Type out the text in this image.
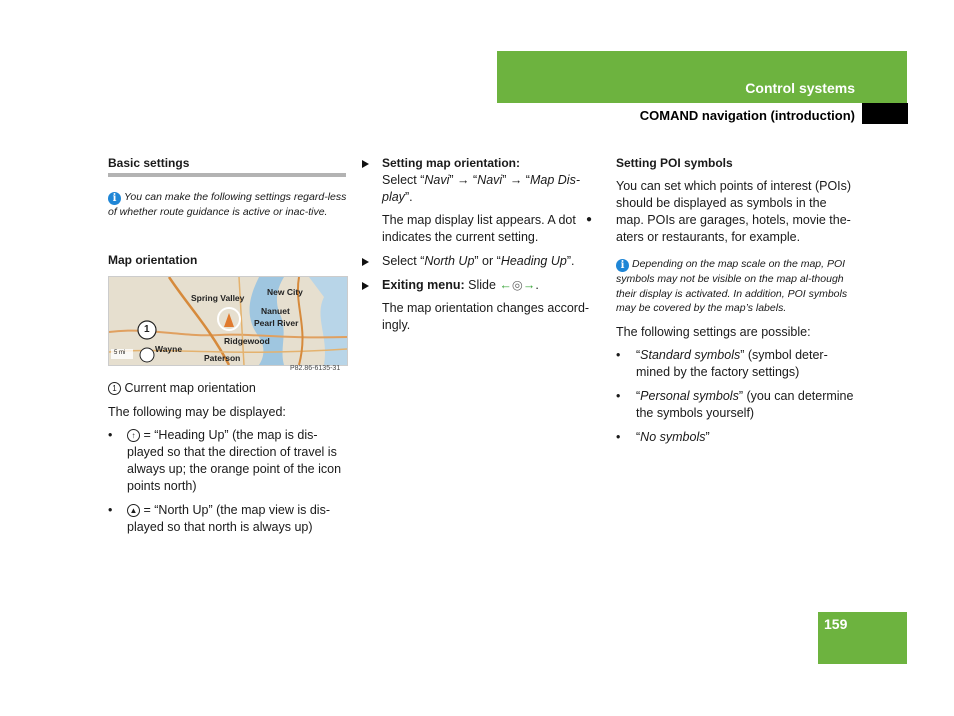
Control systems
COMAND navigation (introduction)
Basic settings
i You can make the following settings regard-less of whether route guidance is active or inac-tive.
Map orientation
Spring Valley
New City
Nanuet
Pearl River
Ridgewood
Wayne
Paterson
1
5 mi
P82.86-6135-31
1 Current map orientation
The following may be displayed:
•	↑ = “Heading Up” (the map is dis-played so that the direction of travel is always up; the orange point of the icon points north)
•	▲ = “North Up” (the map view is dis-played so that north is always up)
Setting map orientation:
Select “Navi” → “Navi” → “Map Dis-play”.
The map display list appears. A dot indicates the current setting.
●
Select “North Up” or “Heading Up”.
Exiting menu: Slide ←◎→.
The map orientation changes accord-ingly.
Setting POI symbols
You can set which points of interest (POIs) should be displayed as symbols in the map. POIs are garages, hotels, movie the-aters or restaurants, for example.
i Depending on the map scale on the map, POI symbols may not be visible on the map al-though their display is activated. In addition, POI symbols may be covered by the map’s labels.
The following settings are possible:
• “Standard symbols” (symbol deter-mined by the factory settings)
• “Personal symbols” (you can determine the symbols yourself)
• “No symbols”
159
